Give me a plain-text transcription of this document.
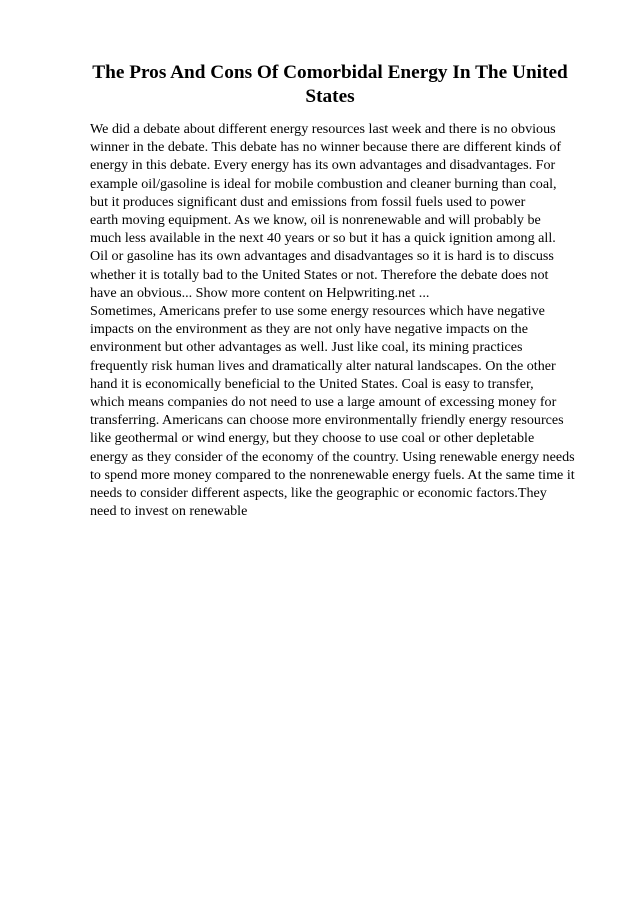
The Pros And Cons Of Comorbidal Energy In The United
States
We did a debate about different energy resources last week and there is no obvious
winner in the debate. This debate has no winner because there are different kinds of
energy in this debate. Every energy has its own advantages and disadvantages. For
example oil/gasoline is ideal for mobile combustion and cleaner burning than coal,
but it produces significant dust and emissions from fossil fuels used to power
earth moving equipment. As we know, oil is nonrenewable and will probably be
much less available in the next 40 years or so but it has a quick ignition among all.
Oil or gasoline has its own advantages and disadvantages so it is hard is to discuss
whether it is totally bad to the United States or not. Therefore the debate does not
have an obvious... Show more content on Helpwriting.net ...
Sometimes, Americans prefer to use some energy resources which have negative
impacts on the environment as they are not only have negative impacts on the
environment but other advantages as well. Just like coal, its mining practices
frequently risk human lives and dramatically alter natural landscapes. On the other
hand it is economically beneficial to the United States. Coal is easy to transfer,
which means companies do not need to use a large amount of excessing money for
transferring. Americans can choose more environmentally friendly energy resources
like geothermal or wind energy, but they choose to use coal or other depletable
energy as they consider of the economy of the country. Using renewable energy needs
to spend more money compared to the nonrenewable energy fuels. At the same time it
needs to consider different aspects, like the geographic or economic factors.They
need to invest on renewable
